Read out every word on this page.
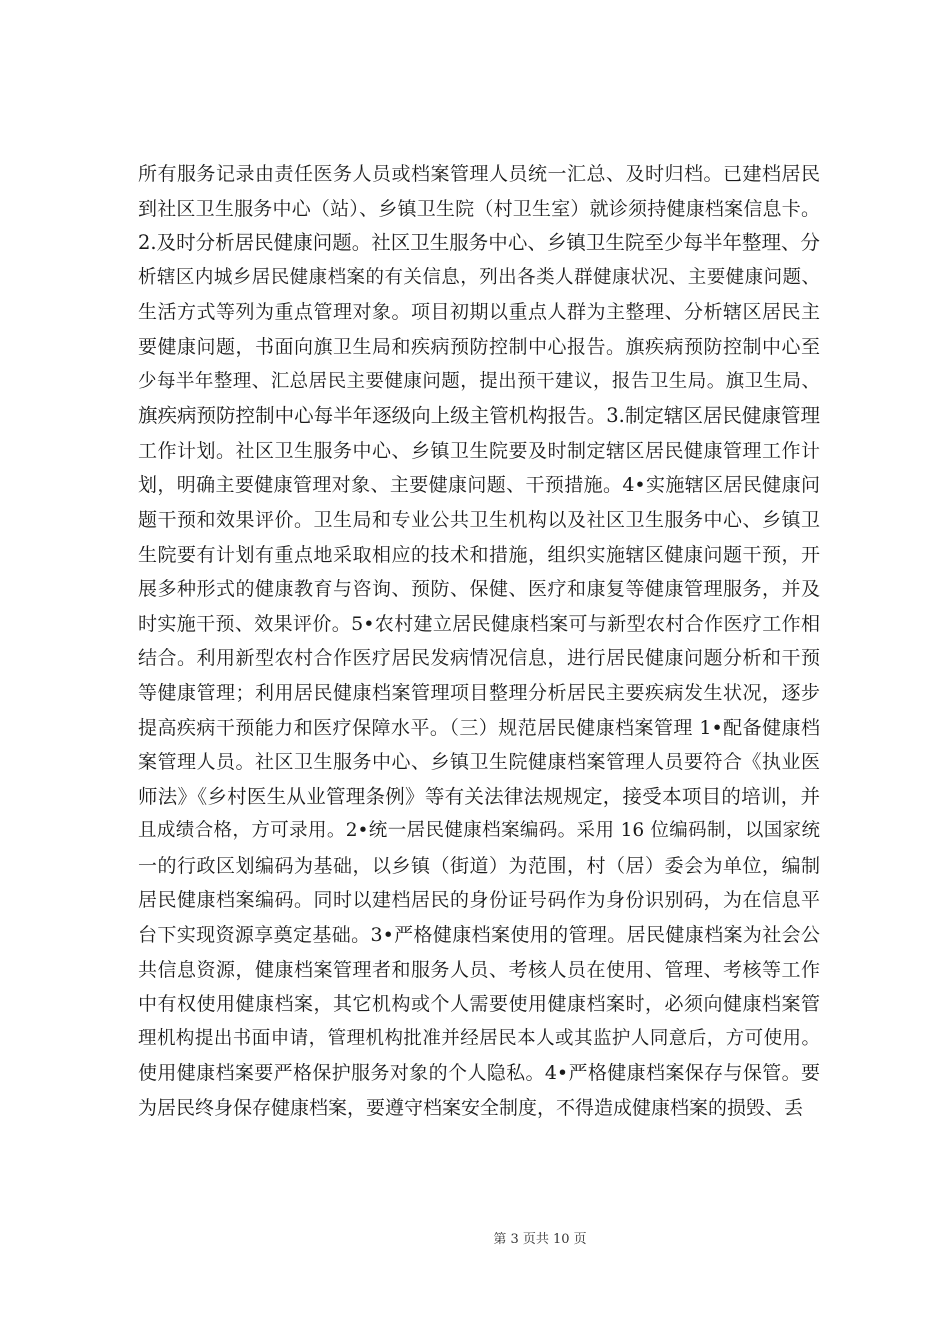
所有服务记录由责任医务人员或档案管理人员统一汇总、及时归档。已建档居民
到社区卫生服务中心（站）、乡镇卫生院（村卫生室）就诊须持健康档案信息卡。
2.及时分析居民健康问题。社区卫生服务中心、乡镇卫生院至少每半年整理、分
析辖区内城乡居民健康档案的有关信息，列出各类人群健康状况、主要健康问题、
生活方式等列为重点管理对象。项目初期以重点人群为主整理、分析辖区居民主
要健康问题，书面向旗卫生局和疾病预防控制中心报告。旗疾病预防控制中心至
少每半年整理、汇总居民主要健康问题，提出预干建议，报告卫生局。旗卫生局、
旗疾病预防控制中心每半年逐级向上级主管机构报告。3.制定辖区居民健康管理
工作计划。社区卫生服务中心、乡镇卫生院要及时制定辖区居民健康管理工作计
划，明确主要健康管理对象、主要健康问题、干预措施。4•实施辖区居民健康问
题干预和效果评价。卫生局和专业公共卫生机构以及社区卫生服务中心、乡镇卫
生院要有计划有重点地采取相应的技术和措施，组织实施辖区健康问题干预，开
展多种形式的健康教育与咨询、预防、保健、医疗和康复等健康管理服务，并及
时实施干预、效果评价。5•农村建立居民健康档案可与新型农村合作医疗工作相
结合。利用新型农村合作医疗居民发病情况信息，进行居民健康问题分析和干预
等健康管理；利用居民健康档案管理项目整理分析居民主要疾病发生状况，逐步
提高疾病干预能力和医疗保障水平。（三）规范居民健康档案管理 1•配备健康档
案管理人员。社区卫生服务中心、乡镇卫生院健康档案管理人员要符合《执业医
师法》《乡村医生从业管理条例》等有关法律法规规定，接受本项目的培训，并
且成绩合格，方可录用。2•统一居民健康档案编码。采用 16 位编码制，以国家统
一的行政区划编码为基础，以乡镇（街道）为范围，村（居）委会为单位，编制
居民健康档案编码。同时以建档居民的身份证号码作为身份识别码，为在信息平
台下实现资源享奠定基础。3•严格健康档案使用的管理。居民健康档案为社会公
共信息资源，健康档案管理者和服务人员、考核人员在使用、管理、考核等工作
中有权使用健康档案，其它机构或个人需要使用健康档案时，必须向健康档案管
理机构提出书面申请，管理机构批准并经居民本人或其监护人同意后，方可使用。
使用健康档案要严格保护服务对象的个人隐私。4•严格健康档案保存与保管。要
为居民终身保存健康档案，要遵守档案安全制度，不得造成健康档案的损毁、丢
第 3 页共 10 页
